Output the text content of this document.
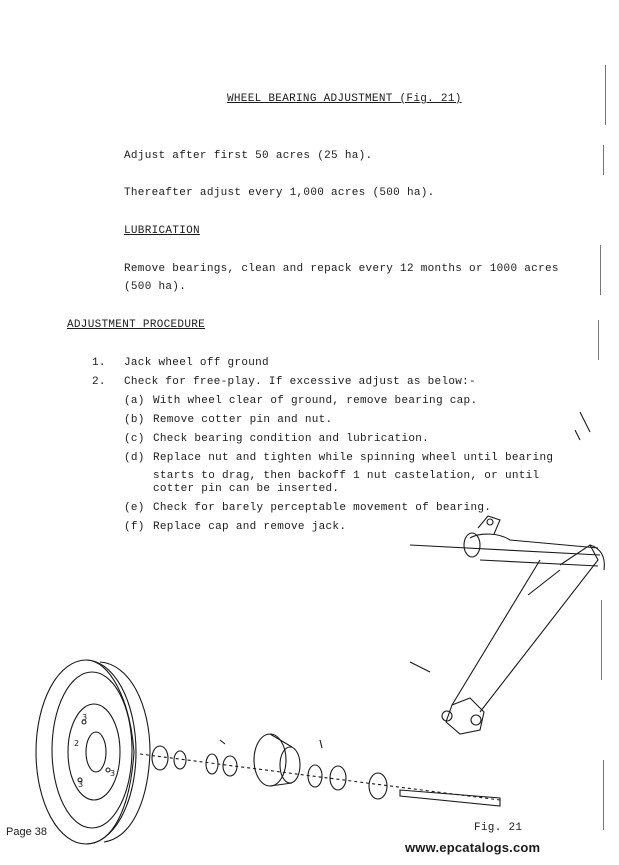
WHEEL BEARING ADJUSTMENT (Fig. 21)
Adjust after first 50 acres (25 ha).
Thereafter adjust every 1,000 acres (500 ha).
LUBRICATION
Remove bearings, clean and repack every 12 months or 1000 acres
(500 ha).
ADJUSTMENT PROCEDURE
1. Jack wheel off ground
2. Check for free-play. If excessive adjust as below:-
(a) With wheel clear of ground, remove bearing cap.
(b) Remove cotter pin and nut.
(c) Check bearing condition and lubrication.
(d) Replace nut and tighten while spinning wheel until bearing
starts to drag, then backoff 1 nut castelation, or until
cotter pin can be inserted.
(e) Check for barely perceptable movement of bearing.
(f) Replace cap and remove jack.
2
3
3
3
Fig. 21
Page 38
www.epcatalogs.com
